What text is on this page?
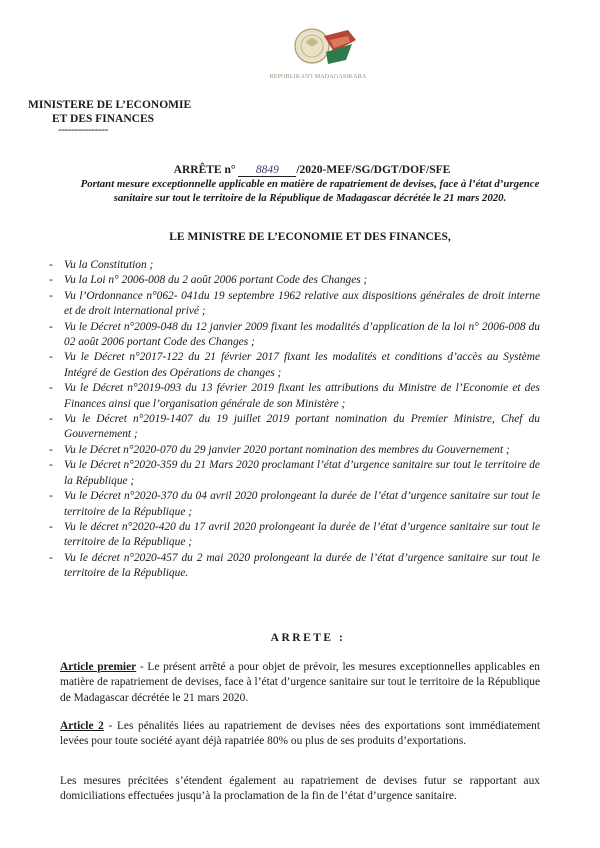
REPOBLIKAN'I MADAGASIKARA
MINISTERE DE L’ECONOMIE
ET DES FINANCES
---------------
ARRÊTE n° 8849 /2020-MEF/SG/DGT/DOF/SFE
Portant mesure exceptionnelle applicable en matière de rapatriement de devises, face à l’état d’urgence sanitaire sur tout le territoire de la République de Madagascar décrétée le 21 mars 2020.
LE MINISTRE DE L’ECONOMIE ET DES FINANCES,
- Vu la Constitution ;
- Vu la Loi n° 2006-008 du 2 août 2006 portant Code des Changes ;
- Vu l’Ordonnance n°062- 041du 19 septembre 1962 relative aux dispositions générales de droit interne et de droit international privé ;
- Vu le Décret n°2009-048 du 12 janvier 2009 fixant les modalités d’application de la loi n° 2006-008 du 02 août 2006 portant Code des Changes ;
- Vu le Décret n°2017-122 du 21 février 2017 fixant les modalités et conditions d’accès au Système Intégré de Gestion des Opérations de changes ;
- Vu le Décret n°2019-093 du 13 février 2019 fixant les attributions du Ministre de l’Economie et des Finances ainsi que l’organisation générale de son Ministère ;
- Vu le Décret n°2019-1407 du 19 juillet 2019 portant nomination du Premier Ministre, Chef du Gouvernement ;
- Vu le Décret n°2020-070 du 29 janvier 2020 portant nomination des membres du Gouvernement ;
- Vu le Décret n°2020-359 du 21 Mars 2020 proclamant l’état d’urgence sanitaire sur tout le territoire de la République ;
- Vu le Décret n°2020-370 du 04 avril 2020 prolongeant la durée de l’état d’urgence sanitaire sur tout le territoire de la République ;
- Vu le décret n°2020-420 du 17 avril 2020 prolongeant la durée de l’état d’urgence sanitaire sur tout le territoire de la République ;
- Vu le décret n°2020-457 du 2 mai 2020 prolongeant la durée de l’état d’urgence sanitaire sur tout le territoire de la République.
ARRETE :
Article premier - Le présent arrêté a pour objet de prévoir, les mesures exceptionnelles applicables en matière de rapatriement de devises, face à l’état d’urgence sanitaire sur tout le territoire de la République de Madagascar décrétée le 21 mars 2020.
Article 2 - Les pénalités liées au rapatriement de devises nées des exportations sont immédiatement levées pour toute société ayant déjà rapatriée 80% ou plus de ses produits d’exportations.
Les mesures précitées s’étendent également au rapatriement de devises futur se rapportant aux domiciliations effectuées jusqu’à la proclamation de la fin de l’état d’urgence sanitaire.
